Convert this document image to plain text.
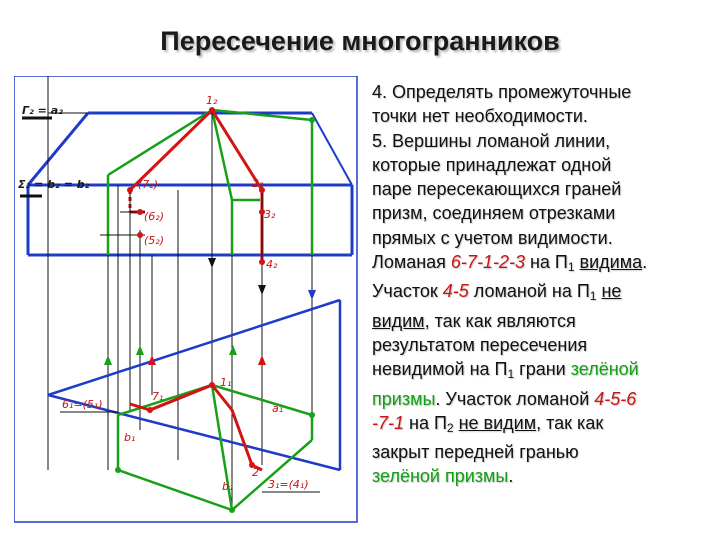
Пересечение многогранников
Γ₂ = a₂
Σ₂ = b₂ = b₂
1₂
2₂
3₂
4₂
(7₂)
(6₂)
(5₂)
7₁
1₁
2
a₁
b₁
b₁
6₁=(5₁)
3₁=(4₁)

4. Определять промежуточные

точки нет необходимости.

5. Вершины ломаной линии,

которые принадлежат одной

паре пересекающихся граней

призм, соединяем отрезками

прямых с учетом видимости.

Ломаная 6-7-1-2-3 на $П_1$ видима.

Участок 4-5 ломаной на $П_1$ не

видим, так как являются

результатом пересечения

невидимой на $П_1$ грани зелёной

призмы. Участок ломаной 4-5-6

-7-1 на $П_2$ не видим, так как

закрыт передней гранью

зелёной призмы.
